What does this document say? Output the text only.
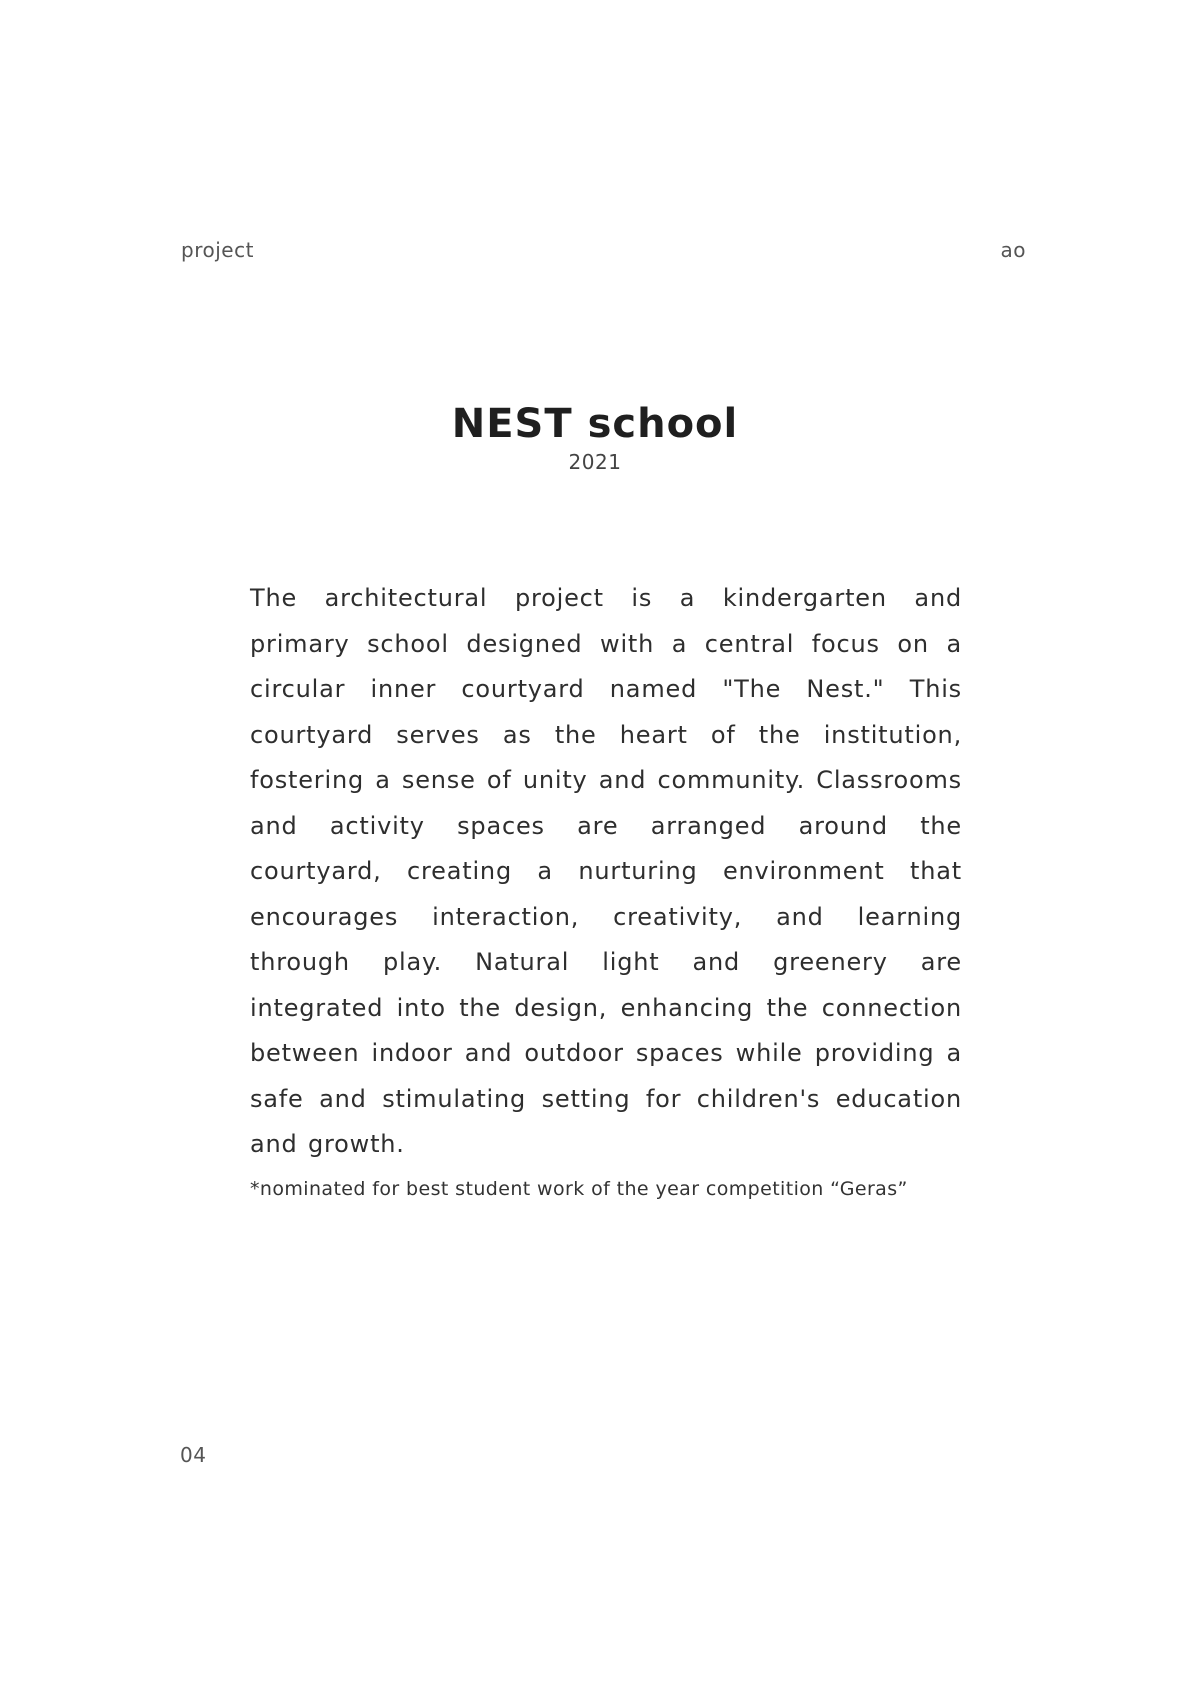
project	ao
NEST school
2021

The architectural project is a kindergarten and primary school designed with a central focus on a circular inner courtyard named "The Nest." This courtyard serves as the heart of the institution, fostering a sense of unity and community. Classrooms and activity spaces are arranged around the courtyard, creating a nurturing environment that encourages interaction, creativity, and learning through play. Natural light and greenery are integrated into the design, enhancing the connection between indoor and outdoor spaces while providing a safe and stimulating setting for children's education and growth.

*nominated for best student work of the year competition “Geras”
04
